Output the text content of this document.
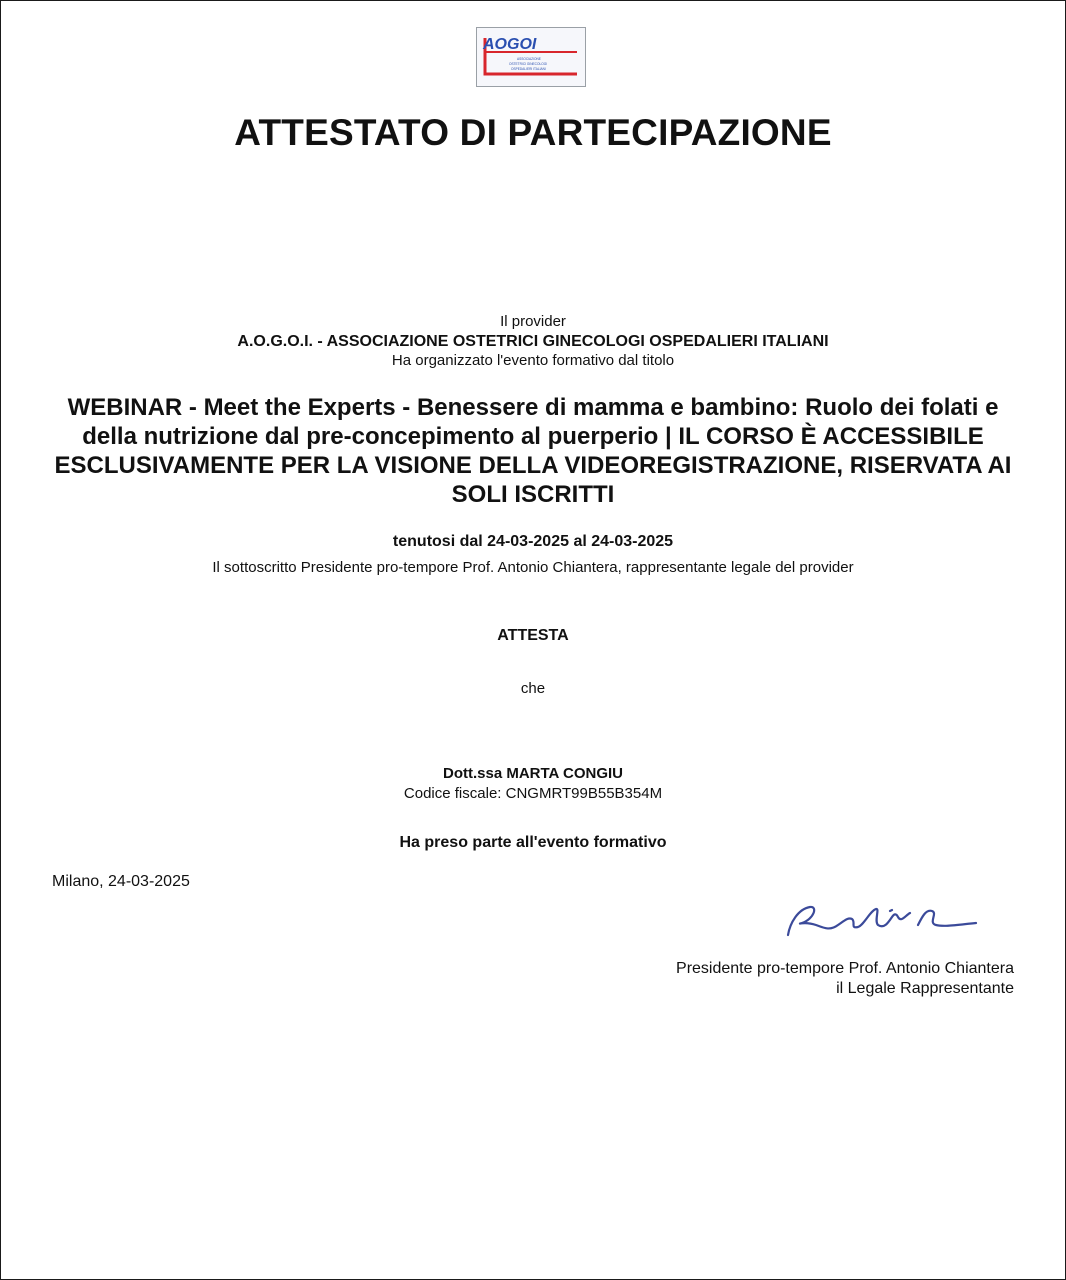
AOGOI
ASSOCIAZIONE
OSTETRICI GINECOLOGI
OSPEDALIERI ITALIANI
ATTESTATO DI PARTECIPAZIONE
Il provider
A.O.G.O.I. - ASSOCIAZIONE OSTETRICI GINECOLOGI OSPEDALIERI ITALIANI
Ha organizzato l'evento formativo dal titolo
WEBINAR - Meet the Experts - Benessere di mamma e bambino: Ruolo dei folati e della nutrizione dal pre-concepimento al puerperio | IL CORSO È ACCESSIBILE ESCLUSIVAMENTE PER LA VISIONE DELLA VIDEOREGISTRAZIONE, RISERVATA AI SOLI ISCRITTI
tenutosi dal 24-03-2025 al 24-03-2025
Il sottoscritto Presidente pro-tempore Prof. Antonio Chiantera, rappresentante legale del provider
ATTESTA
che
Dott.ssa MARTA CONGIU
Codice fiscale: CNGMRT99B55B354M
Ha preso parte all'evento formativo
Milano, 24-03-2025
Presidente pro-tempore Prof. Antonio Chiantera
il Legale Rappresentante
